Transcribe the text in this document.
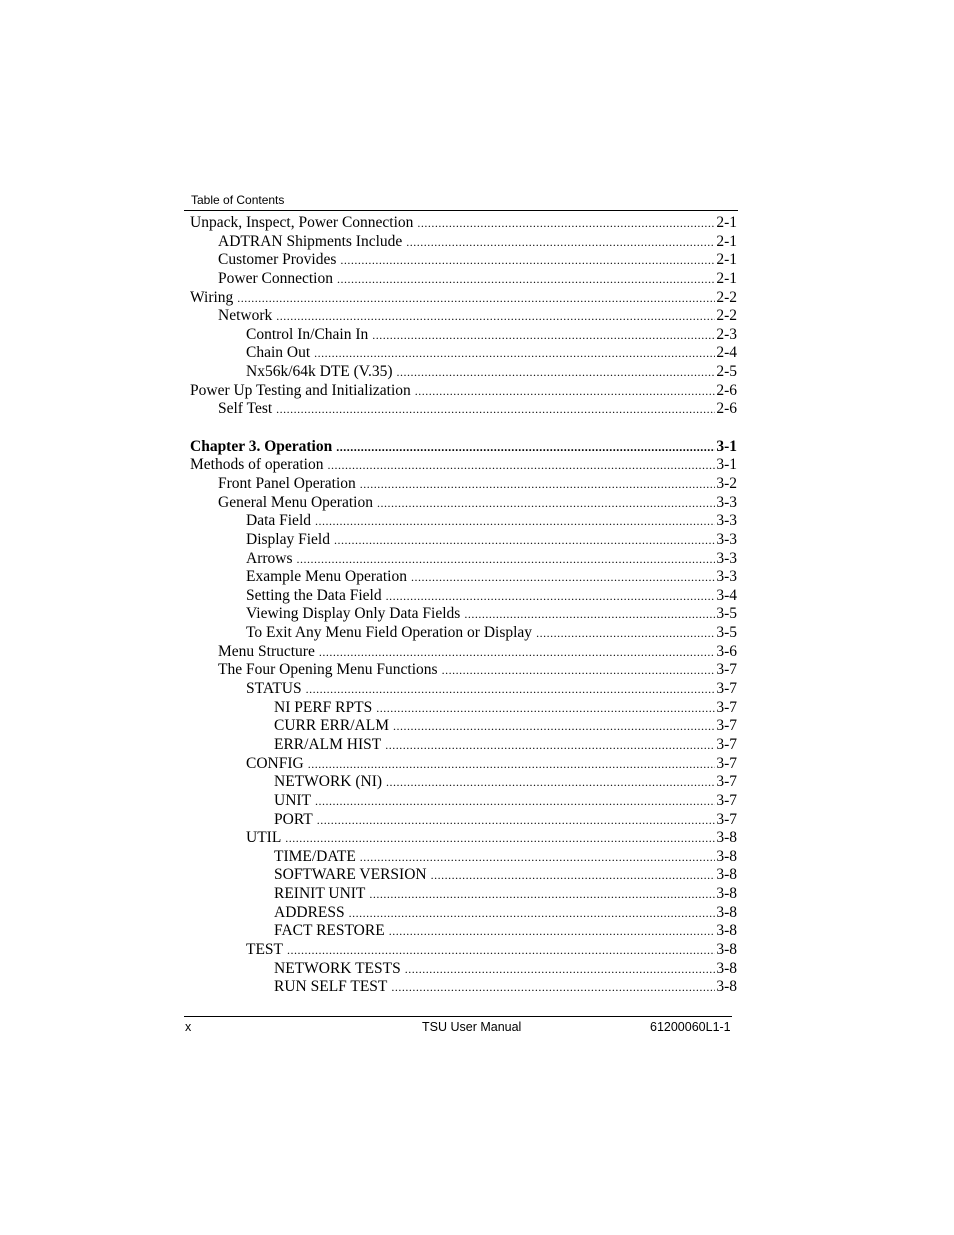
Table of Contents
Unpack, Inspect, Power Connection .....	2-1
ADTRAN Shipments Include .....	2-1
Customer Provides .....	2-1
Power Connection .....	2-1
Wiring .....	2-2
Network .....	2-2
Control In/Chain In .....	2-3
Chain Out .....	2-4
Nx56k/64k DTE (V.35) .....	2-5
Power Up Testing and Initialization .....	2-6
Self Test .....	2-6
Chapter 3. Operation .....	3-1
Methods of operation .....	3-1
Front Panel Operation .....	3-2
General Menu Operation .....	3-3
Data Field .....	3-3
Display Field .....	3-3
Arrows .....	3-3
Example Menu Operation .....	3-3
Setting the Data Field .....	3-4
Viewing Display Only Data Fields .....	3-5
To Exit Any Menu Field Operation or Display .....	3-5
Menu Structure .....	3-6
The Four Opening Menu Functions .....	3-7
STATUS .....	3-7
NI PERF RPTS .....	3-7
CURR ERR/ALM .....	3-7
ERR/ALM HIST .....	3-7
CONFIG .....	3-7
NETWORK (NI) .....	3-7
UNIT .....	3-7
PORT .....	3-7
UTIL .....	3-8
TIME/DATE .....	3-8
SOFTWARE VERSION .....	3-8
REINIT UNIT .....	3-8
ADDRESS .....	3-8
FACT RESTORE .....	3-8
TEST .....	3-8
NETWORK TESTS .....	3-8
RUN SELF TEST .....	3-8
x	TSU User Manual	61200060L1-1
